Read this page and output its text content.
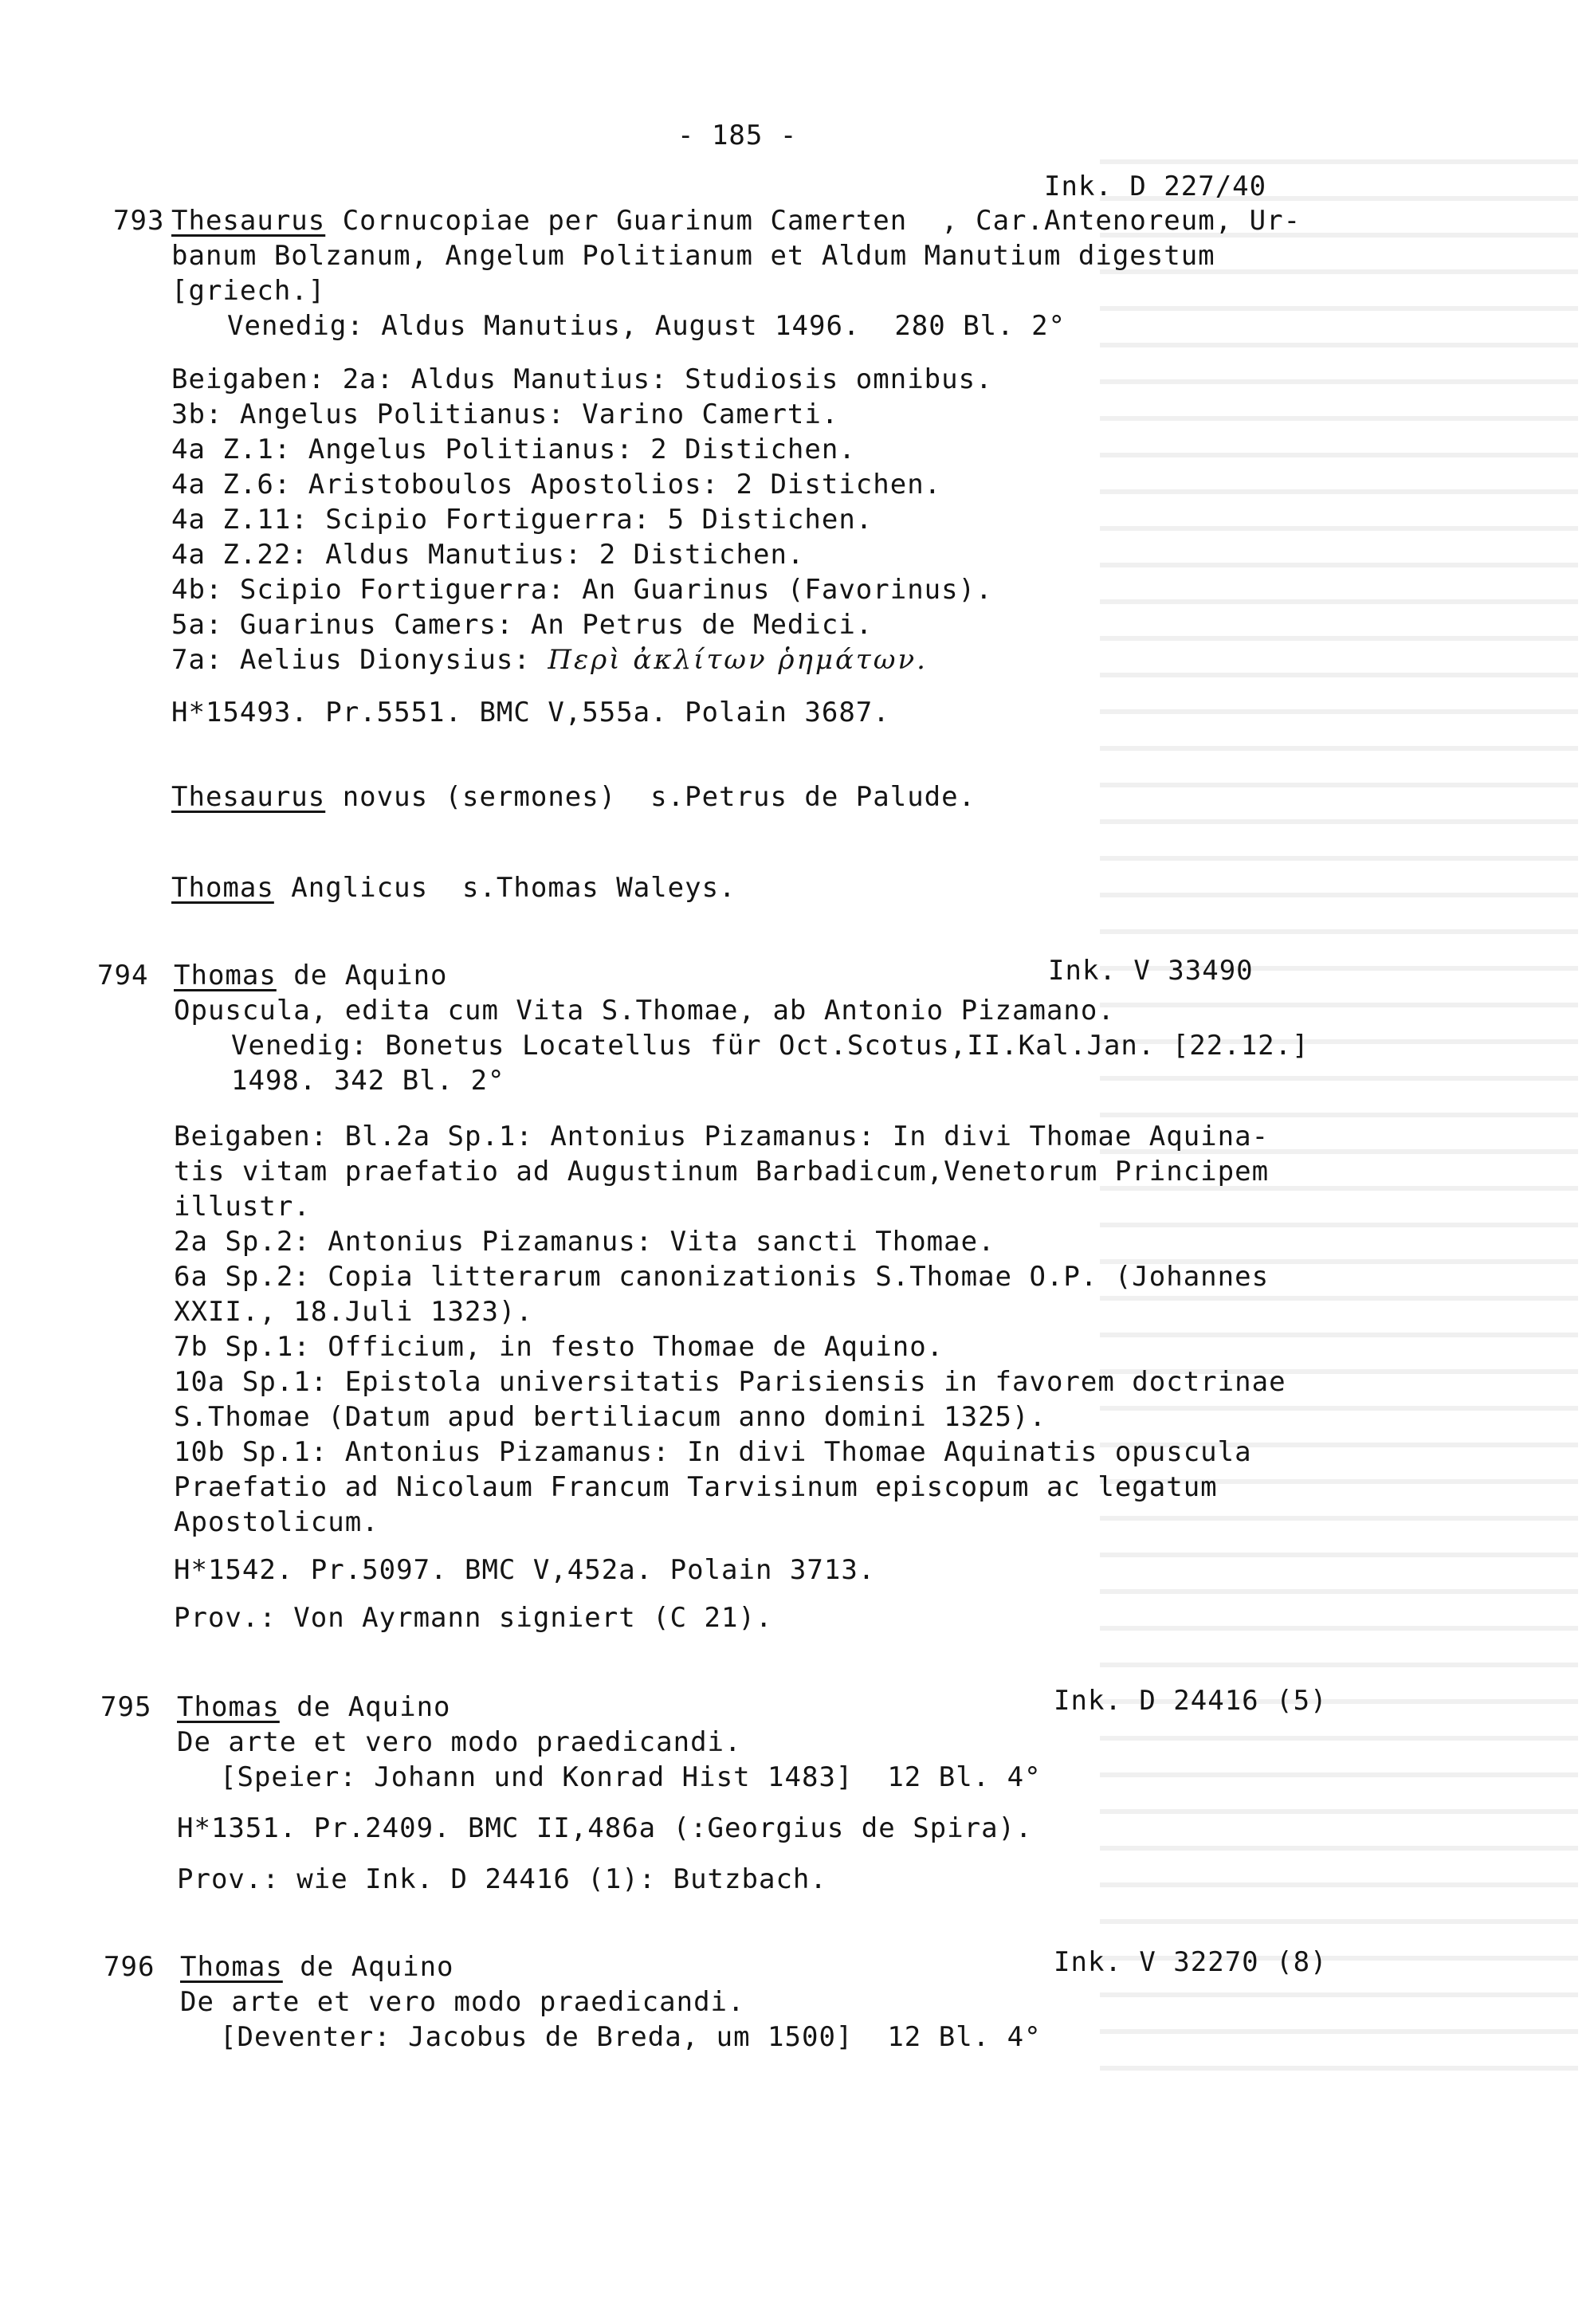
- 185 -
Ink. D 227/40
793 Thesaurus Cornucopiae per Guarinum Camerten  , Car.Antenoreum, Ur-
banum Bolzanum, Angelum Politianum et Aldum Manutium digestum
[griech.]
Venedig: Aldus Manutius, August 1496.  280 Bl. 2°
Beigaben: 2a: Aldus Manutius: Studiosis omnibus.
3b: Angelus Politianus: Varino Camerti.
4a Z.1: Angelus Politianus: 2 Distichen.
4a Z.6: Aristoboulos Apostolios: 2 Distichen.
4a Z.11: Scipio Fortiguerra: 5 Distichen.
4a Z.22: Aldus Manutius: 2 Distichen.
4b: Scipio Fortiguerra: An Guarinus (Favorinus).
5a: Guarinus Camers: An Petrus de Medici.
7a: Aelius Dionysius: Περὶ ἀκλίτων ῥημάτων.
H*15493. Pr.5551. BMC V,555a. Polain 3687.
Thesaurus novus (sermones)  s.Petrus de Palude.
Thomas Anglicus  s.Thomas Waleys.
794 Thomas de Aquino	Ink. V 33490
Opuscula, edita cum Vita S.Thomae, ab Antonio Pizamano.
Venedig: Bonetus Locatellus für Oct.Scotus,II.Kal.Jan. [22.12.]
1498. 342 Bl. 2°
Beigaben: Bl.2a Sp.1: Antonius Pizamanus: In divi Thomae Aquina-
tis vitam praefatio ad Augustinum Barbadicum,Venetorum Principem
illustr.
2a Sp.2: Antonius Pizamanus: Vita sancti Thomae.
6a Sp.2: Copia litterarum canonizationis S.Thomae O.P. (Johannes
XXII., 18.Juli 1323).
7b Sp.1: Officium, in festo Thomae de Aquino.
10a Sp.1: Epistola universitatis Parisiensis in favorem doctrinae
S.Thomae (Datum apud bertiliacum anno domini 1325).
10b Sp.1: Antonius Pizamanus: In divi Thomae Aquinatis opuscula
Praefatio ad Nicolaum Francum Tarvisinum episcopum ac legatum
Apostolicum.
H*1542. Pr.5097. BMC V,452a. Polain 3713.
Prov.: Von Ayrmann signiert (C 21).
795 Thomas de Aquino	Ink. D 24416 (5)
De arte et vero modo praedicandi.
[Speier: Johann und Konrad Hist 1483]  12 Bl. 4°
H*1351. Pr.2409. BMC II,486a (:Georgius de Spira).
Prov.: wie Ink. D 24416 (1): Butzbach.
796 Thomas de Aquino	Ink. V 32270 (8)
De arte et vero modo praedicandi.
[Deventer: Jacobus de Breda, um 1500]  12 Bl. 4°
